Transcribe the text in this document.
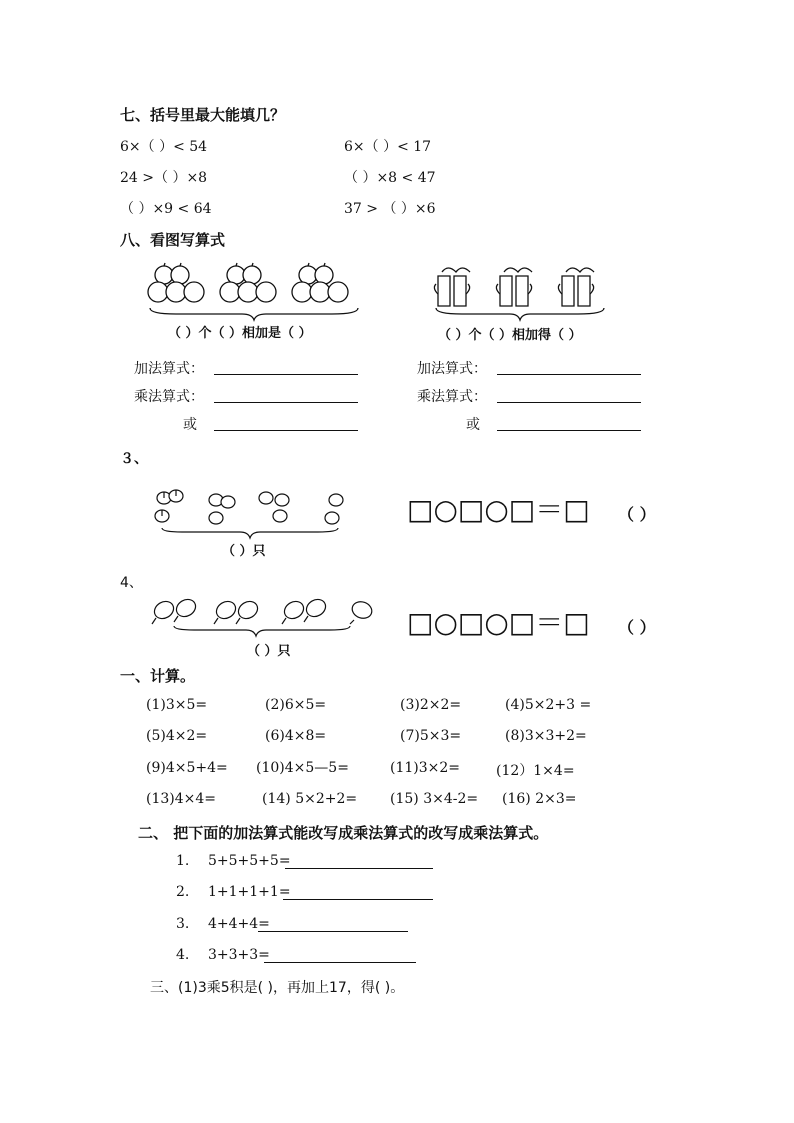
七、括号里最大能填几？
6×（ ）< 54	6×（ ）< 17
24 >（ ）×8	（ ）×8 < 47
（ ）×9 < 64	37 > （ ）×6
八、看图写算式
（ ）个（ ）相加是（ ）	（ ）个（ ）相加得（ ）
加法算式：
乘法算式：
或
加法算式：
乘法算式：
或
３、
（ ）只
□○□○□＝□ （ ）
4、
（ ）只
□○□○□＝□ （ ）
一、计算。
(1)3×5=	(2)6×5=	(3)2×2=	(4)5×2+3 =
(5)4×2=	(6)4×8=	(7)5×3=	(8)3×3+2=
(9)4×5+4= (10)4×5—5=	(11)3×2=	(12）1×4=
(13)4×4=	(14) 5×2+2= (15) 3×4-2= (16) 2×3=
二、 把下面的加法算式能改写成乘法算式的改写成乘法算式。
1. 5+5+5+5=
2. 1+1+1+1=
3. 4+4+4=
4. 3+3+3=
三、(1)3乘5积是( )，再加上17，得( )。
